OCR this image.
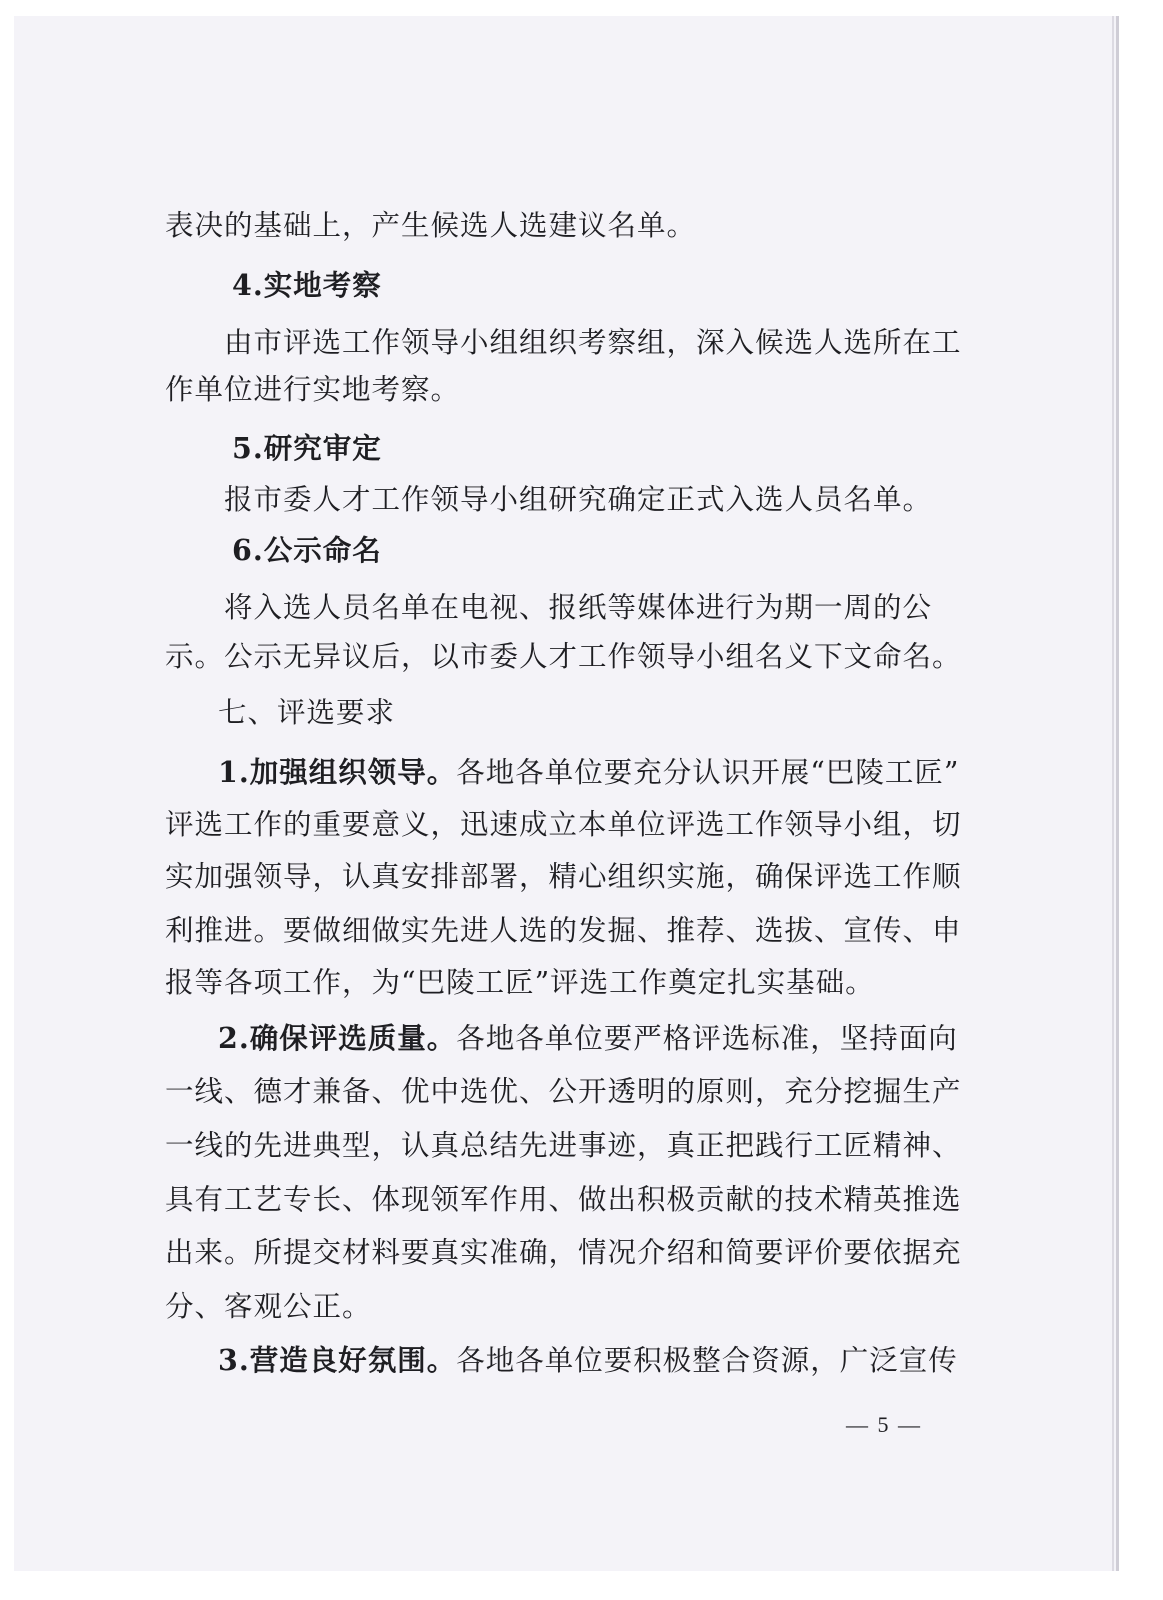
表决的基础上，产生候选人选建议名单。
4.实地考察
由市评选工作领导小组组织考察组，深入候选人选所在工
作单位进行实地考察。
5.研究审定
报市委人才工作领导小组研究确定正式入选人员名单。
6.公示命名
将入选人员名单在电视、报纸等媒体进行为期一周的公
示。公示无异议后，以市委人才工作领导小组名义下文命名。
七、评选要求
1.加强组织领导。各地各单位要充分认识开展“巴陵工匠”
评选工作的重要意义，迅速成立本单位评选工作领导小组，切
实加强领导，认真安排部署，精心组织实施，确保评选工作顺
利推进。要做细做实先进人选的发掘、推荐、选拔、宣传、申
报等各项工作，为“巴陵工匠”评选工作奠定扎实基础。
2.确保评选质量。各地各单位要严格评选标准，坚持面向
一线、德才兼备、优中选优、公开透明的原则，充分挖掘生产
一线的先进典型，认真总结先进事迹，真正把践行工匠精神、
具有工艺专长、体现领军作用、做出积极贡献的技术精英推选
出来。所提交材料要真实准确，情况介绍和简要评价要依据充
分、客观公正。
3.营造良好氛围。各地各单位要积极整合资源，广泛宣传
— 5 —
